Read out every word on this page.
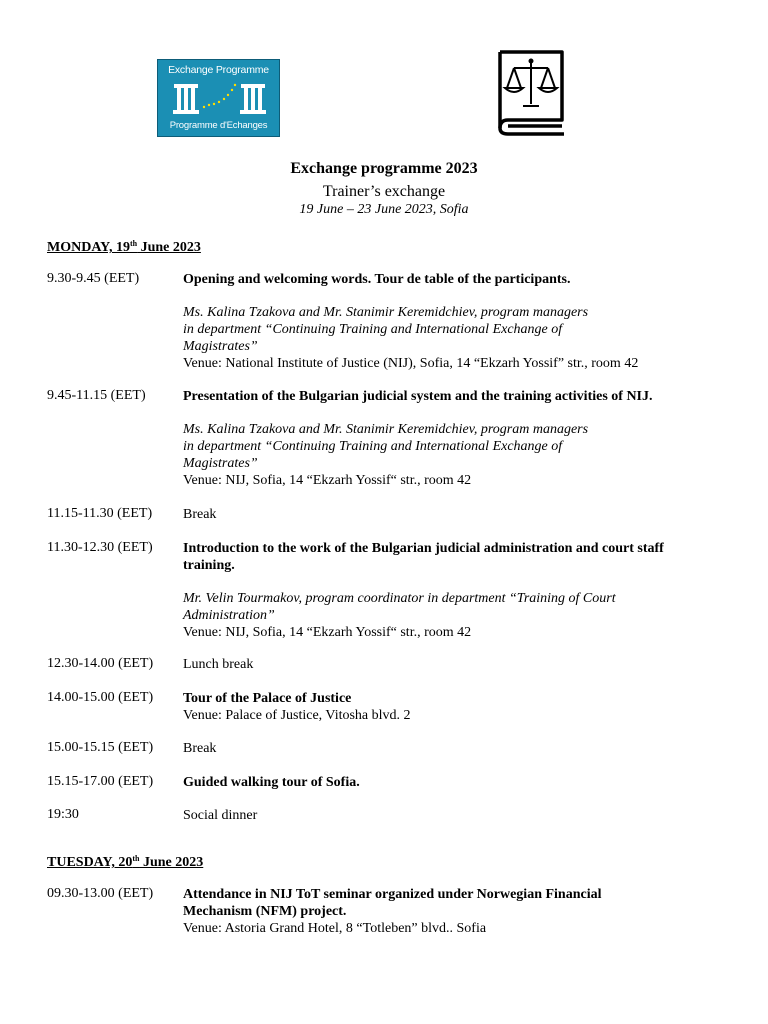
Exchange Programme
Programme d'Echanges
Exchange programme 2023
Trainer’s exchange
19 June – 23 June 2023, Sofia
MONDAY, 19th June 2023
9.30-9.45 (EET)	Opening and welcoming words. Tour de table of the participants.
Ms. Kalina Tzakova and Mr. Stanimir Keremidchiev, program managers
in department “Continuing Training and International Exchange of
Magistrates”
Venue: National Institute of Justice (NIJ), Sofia, 14 “Ekzarh Yossif” str., room 42
9.45-11.15 (EET)	Presentation of the Bulgarian judicial system and the training activities of NIJ.
Ms. Kalina Tzakova and Mr. Stanimir Keremidchiev, program managers
in department “Continuing Training and International Exchange of
Magistrates”
Venue: NIJ, Sofia, 14 “Ekzarh Yossif“ str., room 42
11.15-11.30 (EET) Break
11.30-12.30 (EET) Introduction to the work of the Bulgarian judicial administration and court staff
training.
Mr. Velin Tourmakov, program coordinator in department “Training of Court
Administration”
Venue: NIJ, Sofia, 14 “Ekzarh Yossif“ str., room 42
12.30-14.00 (EET) Lunch break
14.00-15.00 (EET) Tour of the Palace of Justice
Venue: Palace of Justice, Vitosha blvd. 2
15.00-15.15 (EET) Break
15.15-17.00 (EET) Guided walking tour of Sofia.
19:30	Social dinner
TUESDAY, 20th June 2023
09.30-13.00 (EET) Attendance in NIJ ToT seminar organized under Norwegian Financial
Mechanism (NFM) project.
Venue: Astoria Grand Hotel, 8 “Totleben” blvd.. Sofia
